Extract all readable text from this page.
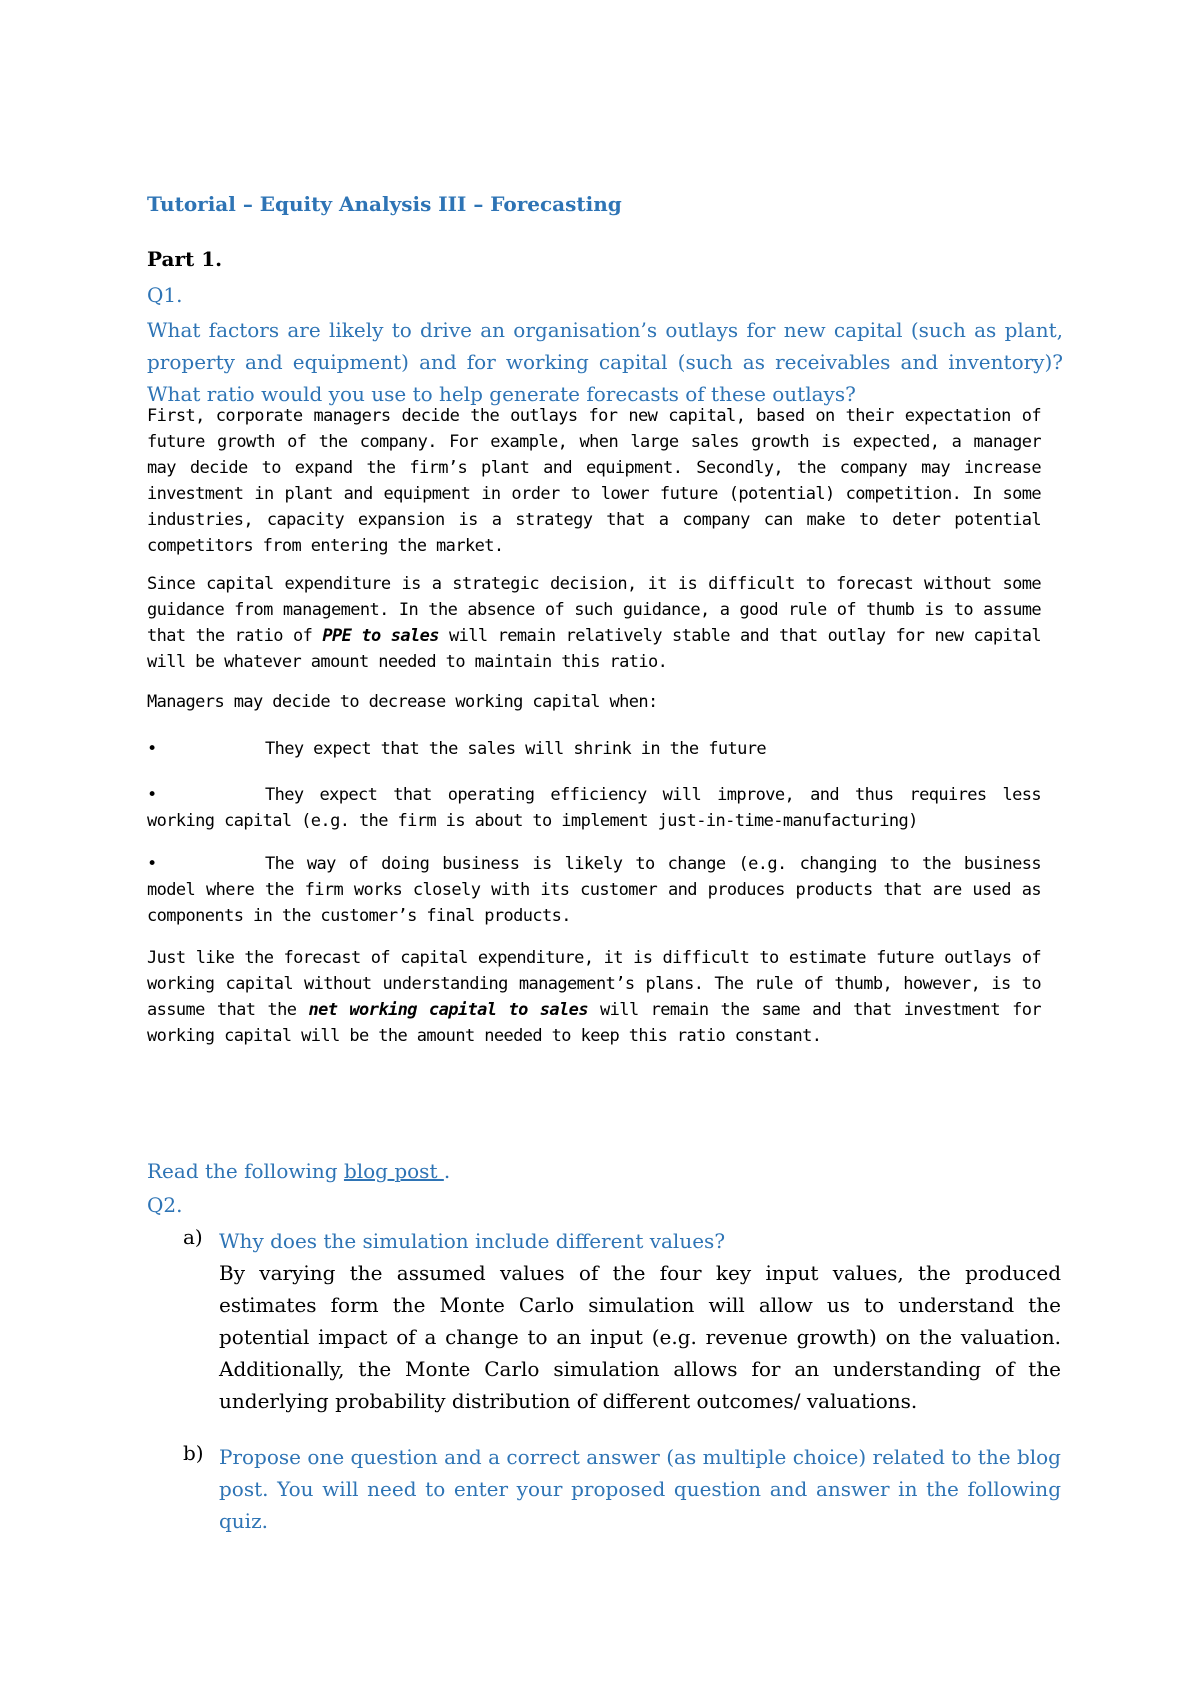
Tutorial – Equity Analysis III – Forecasting
Part 1.
Q1.
What factors are likely to drive an organisation’s outlays for new capital (such as plant, property and equipment) and for working capital (such as receivables and inventory)? What ratio would you use to help generate forecasts of these outlays?

First, corporate managers decide the outlays for new capital, based on their expectation of future growth of the company. For example, when large sales growth is expected, a manager may decide to expand the firm’s plant and equipment. Secondly, the company may increase investment in plant and equipment in order to lower future (potential) competition. In some industries, capacity expansion is a strategy that a company can make to deter potential competitors from entering the market.

Since capital expenditure is a strategic decision, it is difficult to forecast without some guidance from management. In the absence of such guidance, a good rule of thumb is to assume that the ratio of PPE to sales will remain relatively stable and that outlay for new capital will be whatever amount needed to maintain this ratio.

Managers may decide to decrease working capital when:

•	They expect that the sales will shrink in the future
•	They expect that operating efficiency will improve, and thus requires less working capital (e.g. the firm is about to implement just-in-time-manufacturing)
•	The way of doing business is likely to change (e.g. changing to the business model where the firm works closely with its customer and produces products that are used as components in the customer’s final products.

Just like the forecast of capital expenditure, it is difficult to estimate future outlays of working capital without understanding management’s plans. The rule of thumb, however, is to assume that the net working capital to sales will remain the same and that investment for working capital will be the amount needed to keep this ratio constant.

Read the following blog post .
Q2.
a) Why does the simulation include different values?
By varying the assumed values of the four key input values, the produced estimates form the Monte Carlo simulation will allow us to understand the potential impact of a change to an input (e.g. revenue growth) on the valuation. Additionally, the Monte Carlo simulation allows for an understanding of the underlying probability distribution of different outcomes/ valuations.
b) Propose one question and a correct answer (as multiple choice) related to the blog post. You will need to enter your proposed question and answer in the following quiz.
